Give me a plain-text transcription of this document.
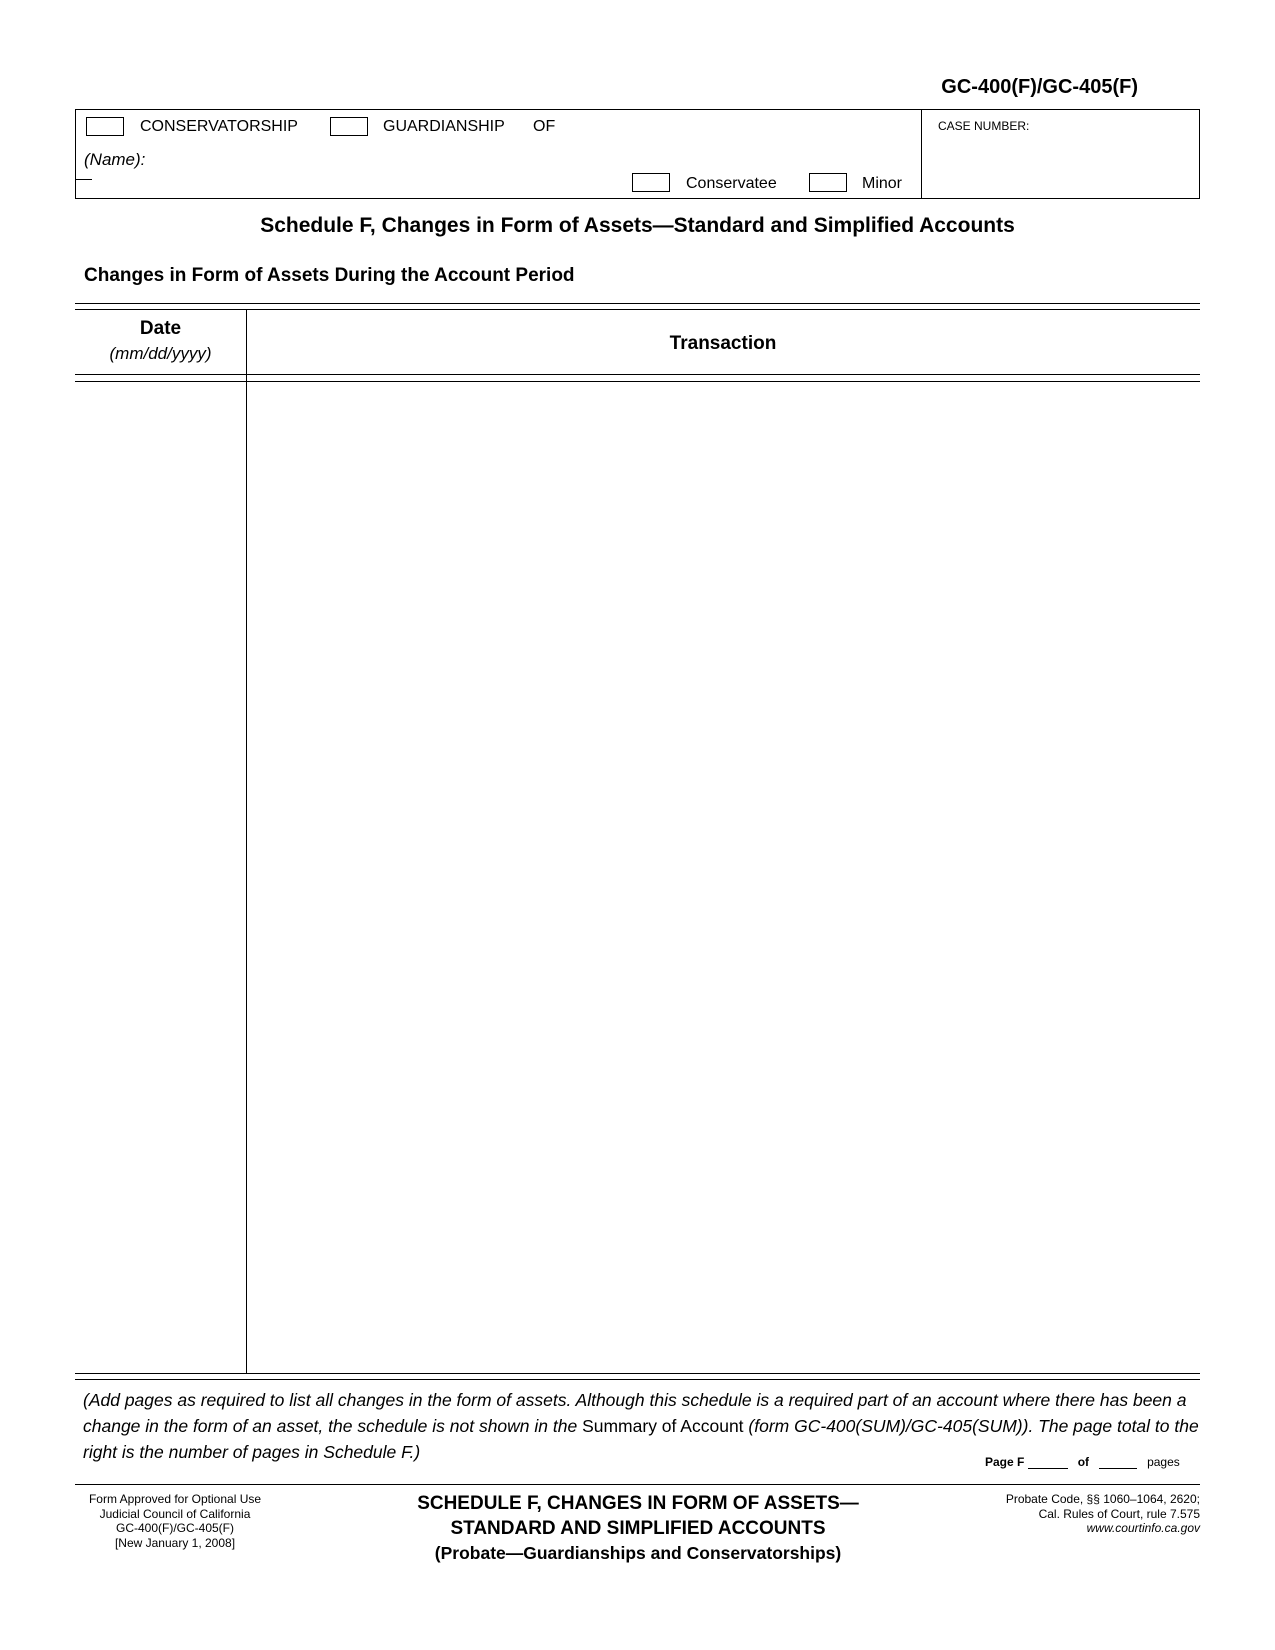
GC-400(F)/GC-405(F)
CONSERVATORSHIP	GUARDIANSHIP OF
(Name):
Conservatee	Minor
CASE NUMBER:
Schedule F, Changes in Form of Assets—Standard and Simplified Accounts
Changes in Form of Assets During the Account Period
Date
(mm/dd/yyyy)	Transaction
(Add pages as required to list all changes in the form of assets. Although this schedule is a required part of an account where there has been a change in the form of an asset, the schedule is not shown in the Summary of Account (form GC-400(SUM)/GC-405(SUM)). The page total to the right is the number of pages in Schedule F.)	Page F	of	pages
Form Approved for Optional Use
Judicial Council of California
GC-400(F)/GC-405(F)
[New January 1, 2008]
SCHEDULE F, CHANGES IN FORM OF ASSETS—
STANDARD AND SIMPLIFIED ACCOUNTS
(Probate—Guardianships and Conservatorships)
Probate Code, §§ 1060–1064, 2620;
Cal. Rules of Court, rule 7.575
www.courtinfo.ca.gov
